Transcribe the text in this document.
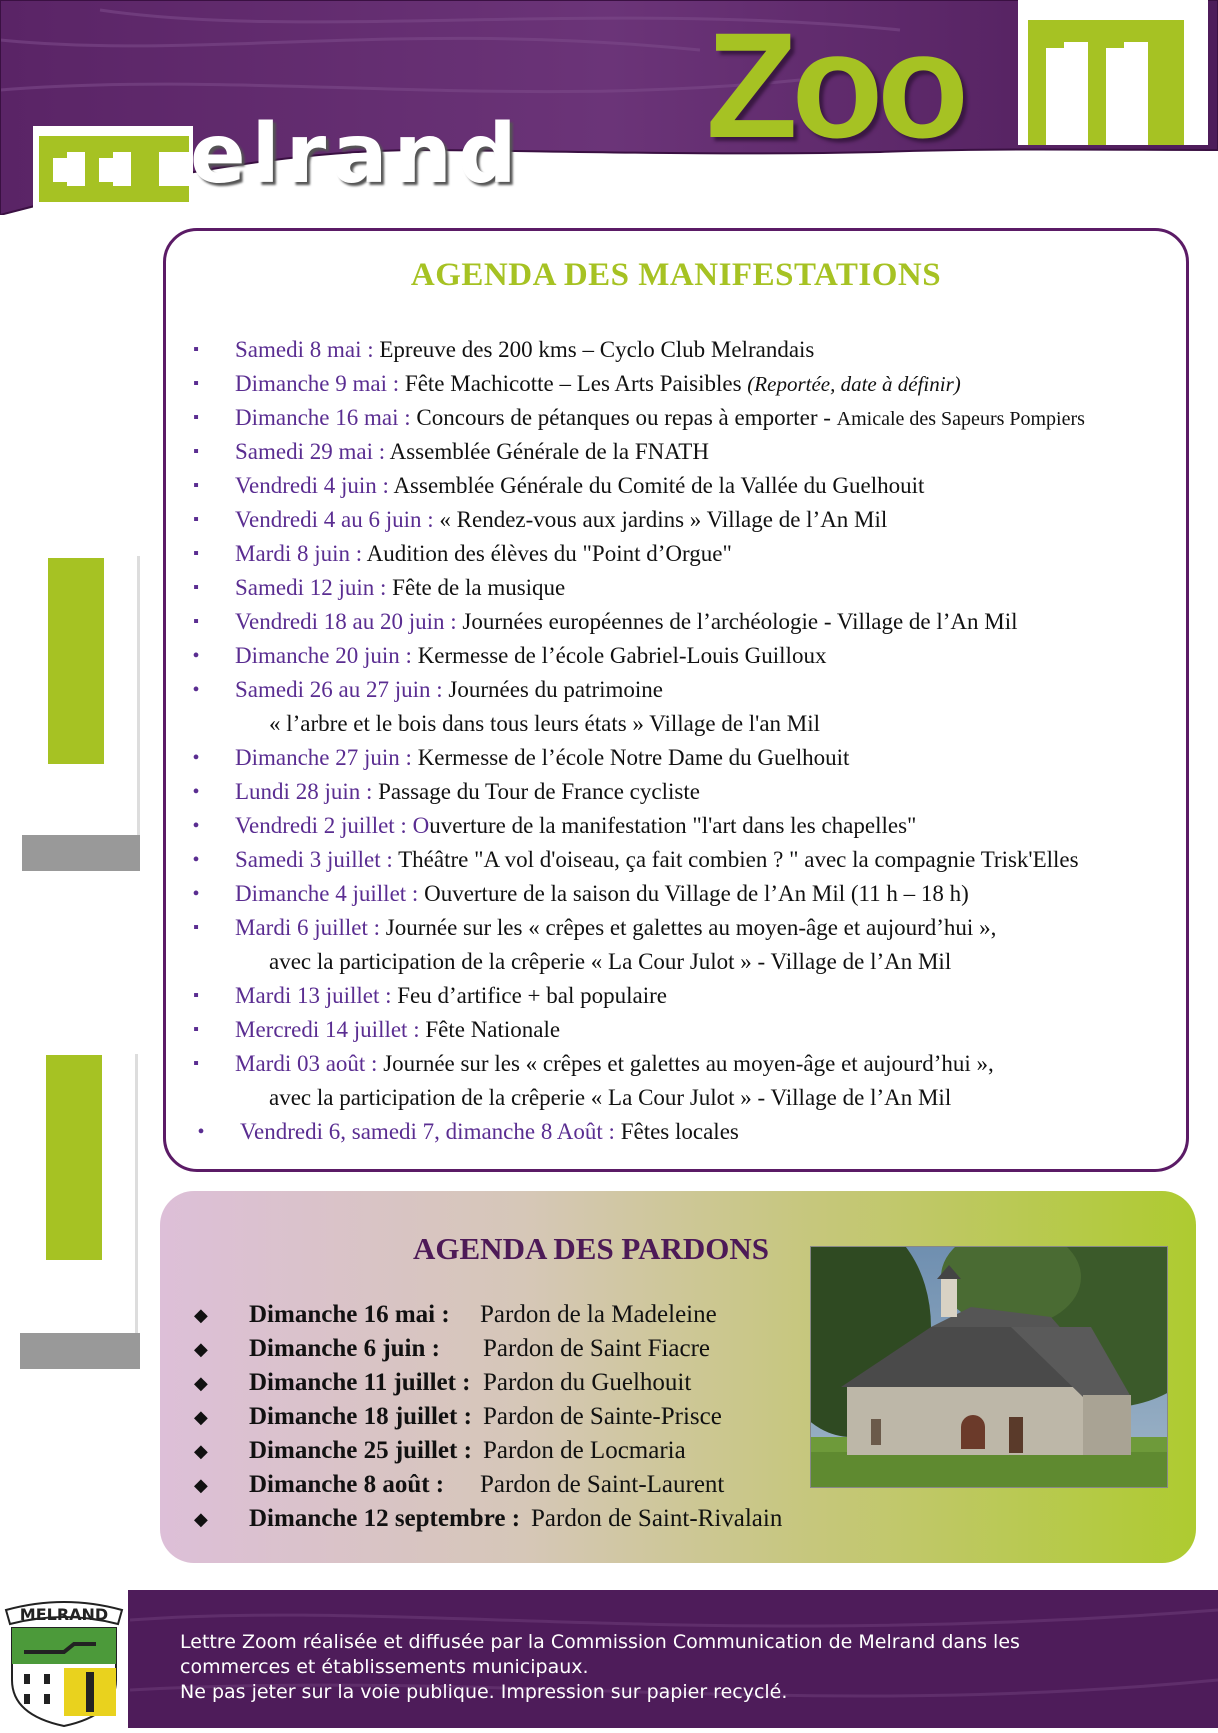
Zoo
elrand
AGENDA DES MANIFESTATIONS
▪	Samedi 8 mai : Epreuve des 200 kms – Cyclo Club Melrandais
▪	Dimanche 9 mai : Fête Machicotte – Les Arts Paisibles (Reportée, date à définir)
▪	Dimanche 16 mai : Concours de pétanques ou repas à emporter - Amicale des Sapeurs Pompiers
▪	Samedi 29 mai : Assemblée Générale de la FNATH
▪	Vendredi 4 juin : Assemblée Générale du Comité de la Vallée du Guelhouit
▪	Vendredi 4 au 6 juin : « Rendez-vous aux jardins » Village de l’An Mil
▪	Mardi 8 juin : Audition des élèves du "Point d’Orgue"
▪	Samedi 12 juin : Fête de la musique
▪	Vendredi 18 au 20 juin : Journées européennes de l’archéologie - Village de l’An Mil
• Dimanche 20 juin : Kermesse de l’école Gabriel-Louis Guilloux
• Samedi 26 au 27 juin : Journées du patrimoine
« l’arbre et le bois dans tous leurs états » Village de l'an Mil
• Dimanche 27 juin : Kermesse de l’école Notre Dame du Guelhouit
• Lundi 28 juin : Passage du Tour de France cycliste
• Vendredi 2 juillet : Ouverture de la manifestation "l'art dans les chapelles"
• Samedi 3 juillet : Théâtre "A vol d'oiseau, ça fait combien ? " avec la compagnie Trisk'Elles
• Dimanche 4 juillet : Ouverture de la saison du Village de l’An Mil (11 h – 18 h)
▪	Mardi 6 juillet : Journée sur les « crêpes et galettes au moyen-âge et aujourd’hui »,
avec la participation de la crêperie « La Cour Julot » - Village de l’An Mil
▪	Mardi 13 juillet : Feu d’artifice + bal populaire
▪	Mercredi 14 juillet : Fête Nationale
▪	Mardi 03 août : Journée sur les « crêpes et galettes au moyen-âge et aujourd’hui »,
avec la participation de la crêperie « La Cour Julot » - Village de l’An Mil
• Vendredi 6, samedi 7, dimanche 8 Août : Fêtes locales
AGENDA DES PARDONS
◆ Dimanche 16 mai : Pardon de la Madeleine
◆ Dimanche 6 juin : Pardon de Saint Fiacre
◆ Dimanche 11 juillet : Pardon du Guelhouit
◆ Dimanche 18 juillet : Pardon de Sainte-Prisce
◆ Dimanche 25 juillet : Pardon de Locmaria
◆ Dimanche 8 août : Pardon de Saint-Laurent
◆ Dimanche 12 septembre : Pardon de Saint-Rivalain
MELRAND
Lettre Zoom réalisée et diffusée par la Commission Communication de Melrand dans les
commerces et établissements municipaux.
Ne pas jeter sur la voie publique. Impression sur papier recyclé.
